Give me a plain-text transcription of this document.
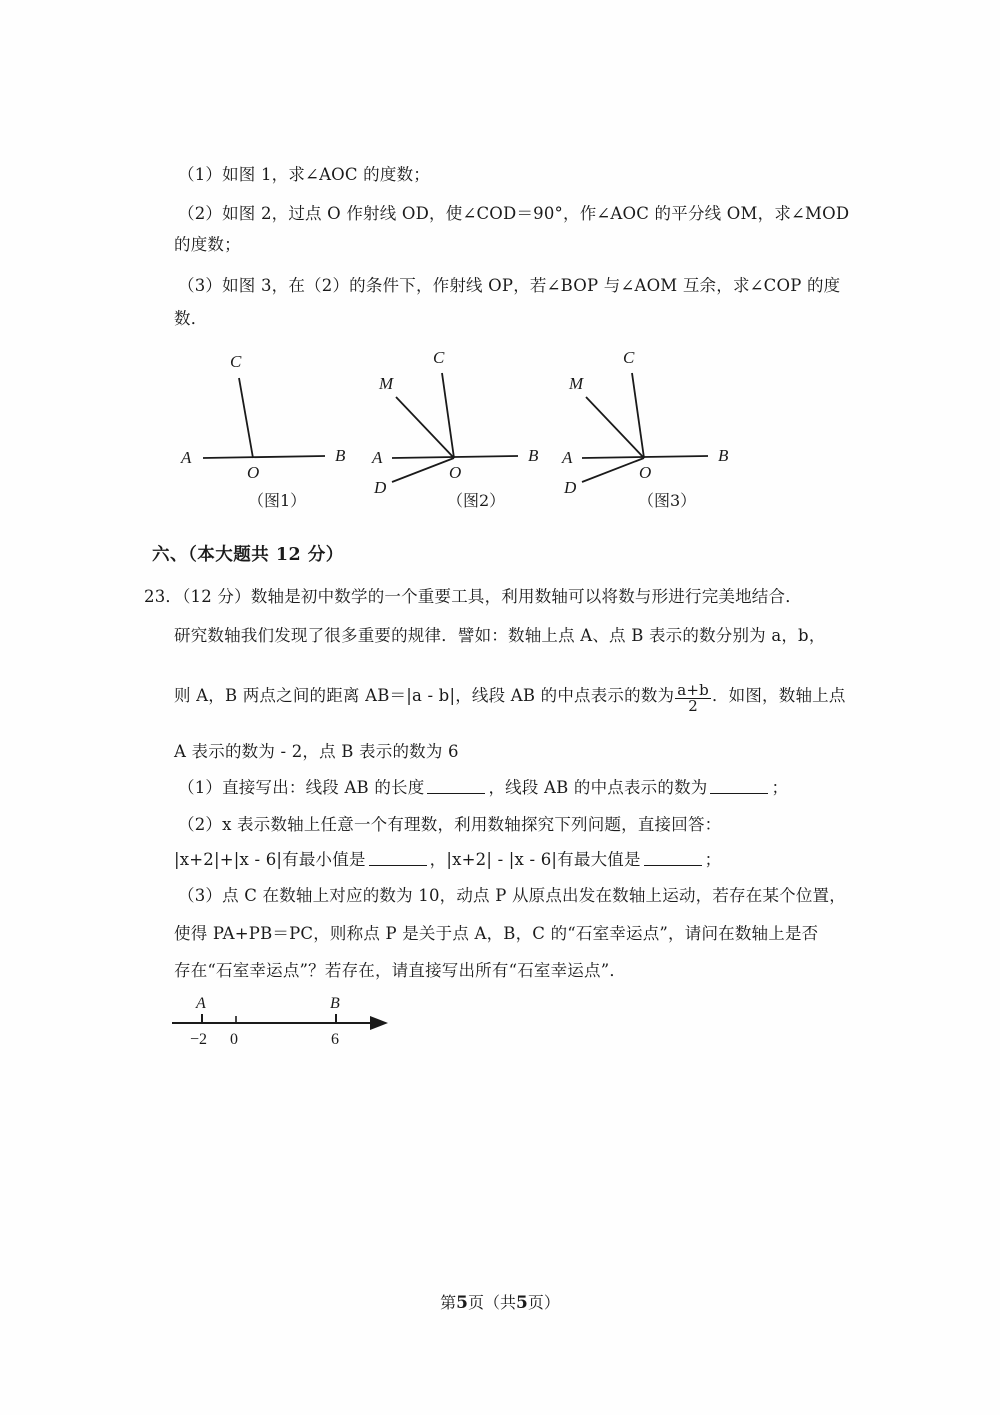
（1）如图 1，求∠AOC 的度数；
（2）如图 2，过点 O 作射线 OD，使∠COD＝90°，作∠AOC 的平分线 OM，求∠MOD
的度数；
（3）如图 3，在（2）的条件下，作射线 OP，若∠BOP 与∠AOM 互余，求∠COP 的度
数．
A	B
O
C
（图1）
A	B
O
C
M
D
（图2）
A	B
O
C
M
D
（图3）
六、（本大题共 12 分）
23．（12 分）数轴是初中数学的一个重要工具，利用数轴可以将数与形进行完美地结合．
研究数轴我们发现了很多重要的规律．譬如：数轴上点 A、点 B 表示的数分别为 a，b，
则 A，B 两点之间的距离 AB＝|a - b|，线段 AB 的中点表示的数为 $\frac{a+b}{2}$ ．如图，数轴上点
A 表示的数为 - 2，点 B 表示的数为 6
（1）直接写出：线段 AB 的长度	，线段 AB 的中点表示的数为	；
（2）x 表示数轴上任意一个有理数，利用数轴探究下列问题，直接回答：
|x+2|+|x - 6|有最小值是	，|x+2| - |x - 6|有最大值是	；
（3）点 C 在数轴上对应的数为 10，动点 P 从原点出发在数轴上运动，若存在某个位置，
使得 PA+PB＝PC，则称点 P 是关于点 A，B，C 的“石室幸运点”，请问在数轴上是否
存在“石室幸运点”？若存在，请直接写出所有“石室幸运点”．
A	B
−2 0	6
第5页（共5页）
